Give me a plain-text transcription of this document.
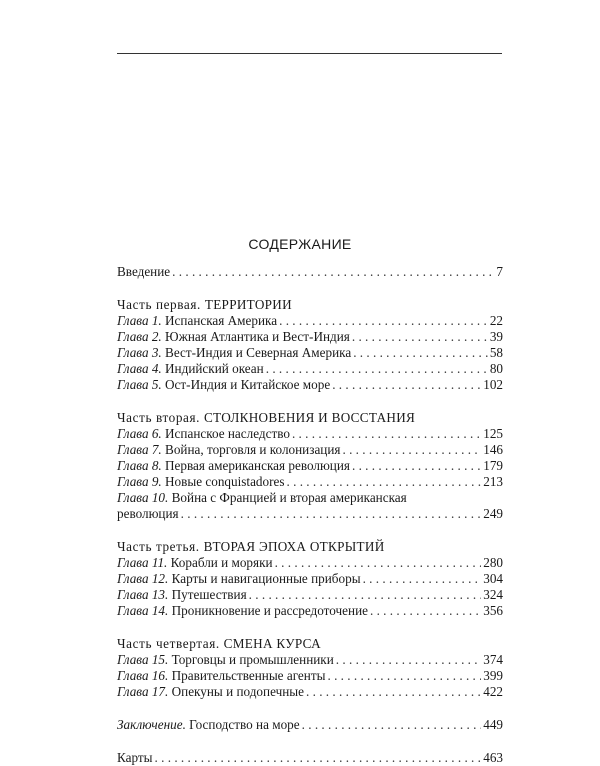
СОДЕРЖАНИЕ
Введение . . .	7
Часть первая. ТЕРРИТОРИИ
Глава 1. Испанская Америка . . .	22
Глава 2. Южная Атлантика и Вест-Индия . . .	39
Глава 3. Вест-Индия и Северная Америка . . .	58
Глава 4. Индийский океан . . .	80
Глава 5. Ост-Индия и Китайское море . . .	102
Часть вторая. СТОЛКНОВЕНИЯ И ВОССТАНИЯ
Глава 6. Испанское наследство . . .	125
Глава 7. Война, торговля и колонизация . . .	146
Глава 8. Первая американская революция . . .	179
Глава 9. Новые conquistadores . . .	213
Глава 10. Война с Францией и вторая американская
революция . . .	249
Часть третья. ВТОРАЯ ЭПОХА ОТКРЫТИЙ
Глава 11. Корабли и моряки . . .	280
Глава 12. Карты и навигационные приборы . . .	304
Глава 13. Путешествия . . .	324
Глава 14. Проникновение и рассредоточение . . .	356
Часть четвертая. СМЕНА КУРСА
Глава 15. Торговцы и промышленники . . .	374
Глава 16. Правительственные агенты . . .	399
Глава 17. Опекуны и подопечные . . .	422
Заключение. Господство на море . . .	449
Карты . . .	463
